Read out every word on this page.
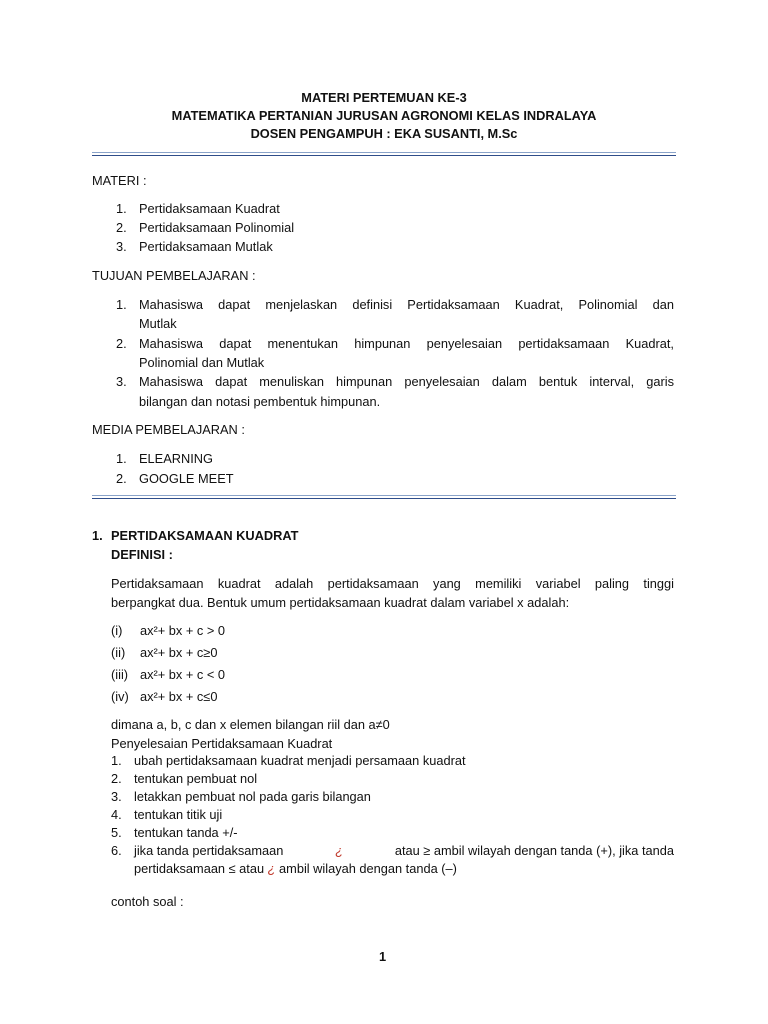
MATERI PERTEMUAN KE-3
MATEMATIKA PERTANIAN JURUSAN AGRONOMI KELAS INDRALAYA
DOSEN PENGAMPUH : EKA SUSANTI, M.Sc
MATERI :
1. Pertidaksamaan Kuadrat
2. Pertidaksamaan Polinomial
3. Pertidaksamaan Mutlak
TUJUAN PEMBELAJARAN :
1. Mahasiswa dapat menjelaskan definisi Pertidaksamaan Kuadrat, Polinomial dan
Mutlak
2. Mahasiswa dapat menentukan himpunan penyelesaian pertidaksamaan Kuadrat,
Polinomial dan Mutlak
3. Mahasiswa dapat menuliskan himpunan penyelesaian dalam bentuk interval, garis
bilangan dan notasi pembentuk himpunan.
MEDIA PEMBELAJARAN :
1. ELEARNING
2. GOOGLE MEET
1. PERTIDAKSAMAAN KUADRAT
DEFINISI :
Pertidaksamaan kuadrat adalah pertidaksamaan yang memiliki variabel paling tinggi
berpangkat dua. Bentuk umum pertidaksamaan kuadrat dalam variabel x adalah:
(i) ax²+ bx + c > 0
(ii) ax²+ bx + c≥0
(iii) ax²+ bx + c < 0
(iv) ax²+ bx + c≤0
dimana a, b, c dan x elemen bilangan riil dan a≠0
Penyelesaian Pertidaksamaan Kuadrat
1. ubah pertidaksamaan kuadrat menjadi persamaan kuadrat
2. tentukan pembuat nol
3. letakkan pembuat nol pada garis bilangan
4. tentukan titik uji
5. tentukan tanda +/-
6. jika tanda pertidaksamaan	¿	atau ≥ ambil wilayah dengan tanda (+), jika tanda
pertidaksamaan ≤ atau ¿ ambil wilayah dengan tanda (–)
contoh soal :
1
